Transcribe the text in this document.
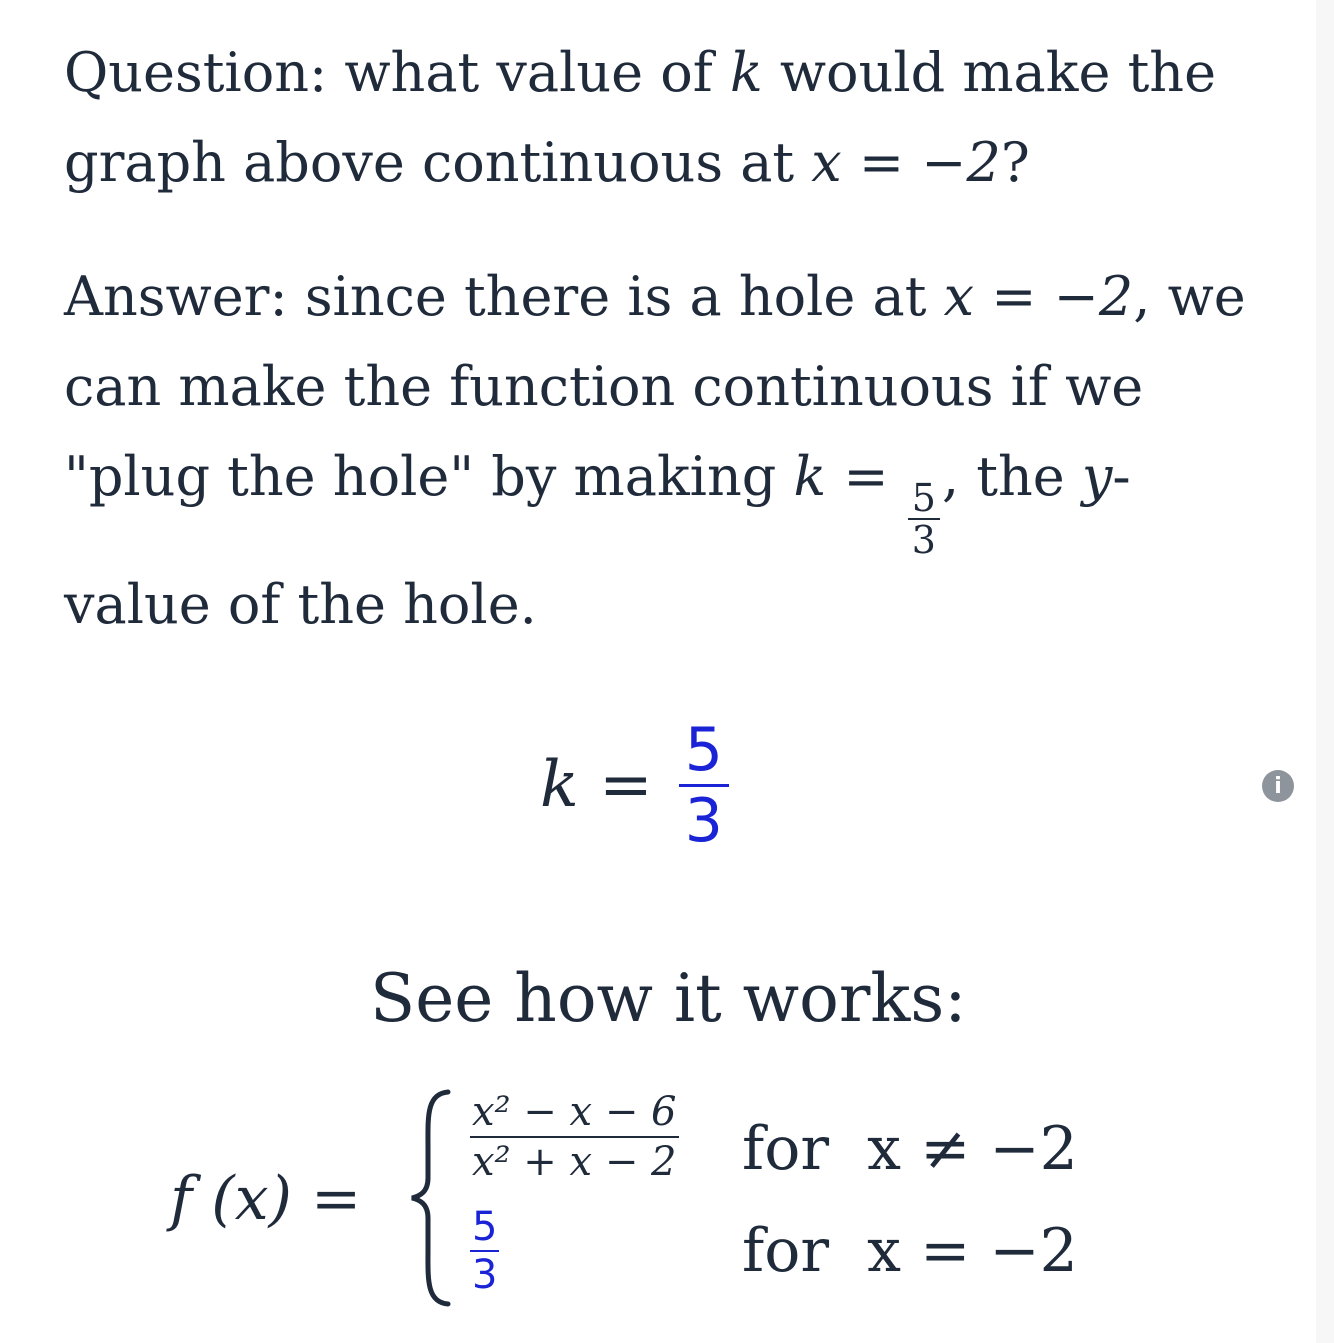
Question: what value of k would make the graph above continuous at x = −2?

Answer: since there is a hole at x = −2, we can make the function continuous if we "plug the hole" by making k =
$\frac{5}{3}$
, the y-value of the hole.

$k = \frac{5}{3}$	i

See how it works:

f (x) =
$\frac{\text{x² − x − 6}}{\text{x² + x − 2}}$ for  x ≠ −2
$\frac{5}{3}$	for  x = −2
